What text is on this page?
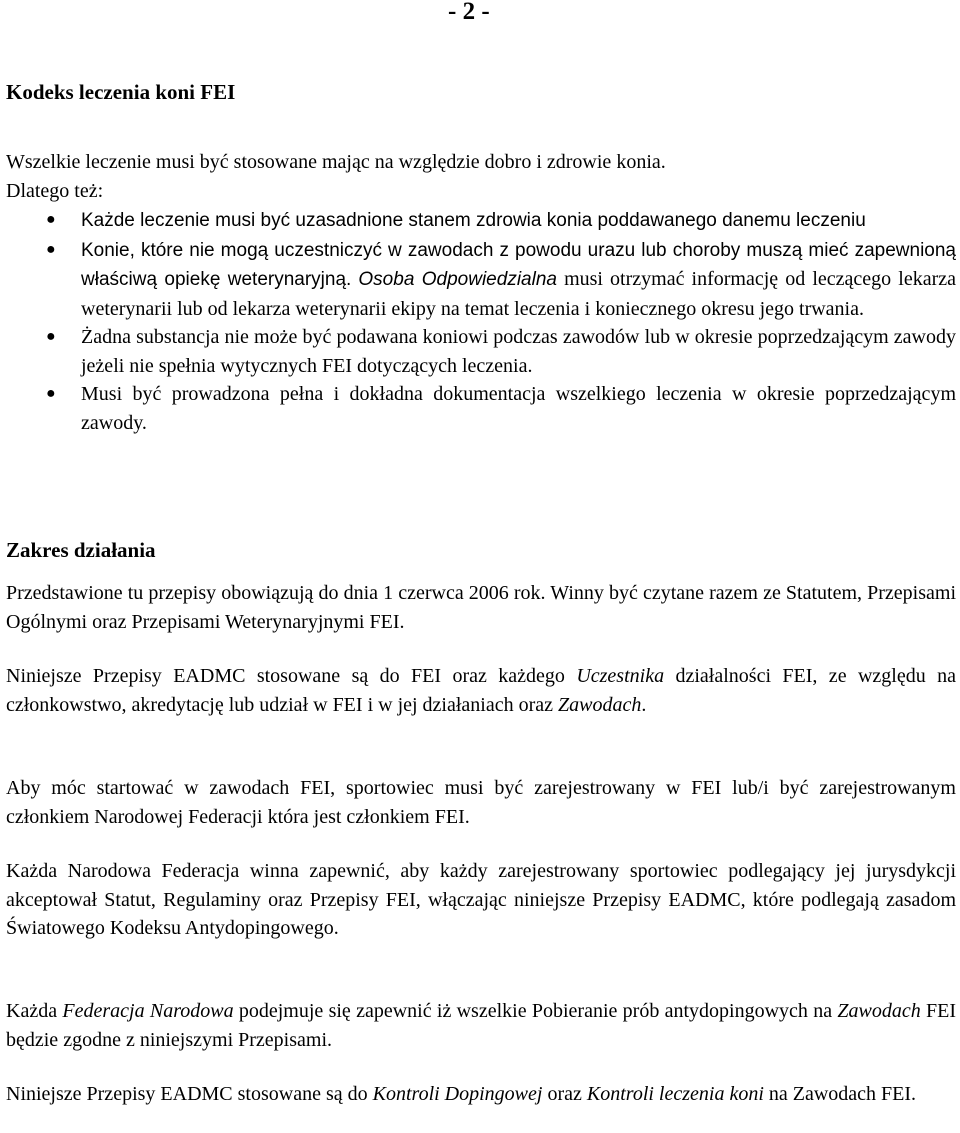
- 2 -
Kodeks leczenia koni FEI

Wszelkie leczenie musi być stosowane mając na względzie dobro i zdrowie konia.
Dlatego też:

● Każde leczenie musi być uzasadnione stanem zdrowia konia poddawanego danemu leczeniu
● Konie, które nie mogą uczestniczyć w zawodach z powodu urazu lub choroby muszą mieć zapewnioną właściwą opiekę weterynaryjną. Osoba Odpowiedzialna musi otrzymać informację od leczącego lekarza weterynarii lub od lekarza weterynarii ekipy na temat leczenia i koniecznego okresu jego trwania.
● Żadna substancja nie może być podawana koniowi podczas zawodów lub w okresie poprzedzającym zawody jeżeli nie spełnia wytycznych FEI dotyczących leczenia.
● Musi być prowadzona pełna i dokładna dokumentacja wszelkiego leczenia w okresie poprzedzającym zawody.
Zakres działania

Przedstawione tu przepisy obowiązują do dnia 1 czerwca 2006 rok. Winny być czytane razem ze Statutem, Przepisami Ogólnymi oraz Przepisami Weterynaryjnymi FEI.

Niniejsze Przepisy EADMC stosowane są do FEI oraz każdego Uczestnika działalności FEI, ze względu na członkowstwo, akredytację lub udział w FEI i w jej działaniach oraz Zawodach.

Aby móc startować w zawodach FEI, sportowiec musi być zarejestrowany w FEI lub/i być zarejestrowanym członkiem Narodowej Federacji która jest członkiem FEI.

Każda Narodowa Federacja winna zapewnić, aby każdy zarejestrowany sportowiec podlegający jej jurysdykcji akceptował Statut, Regulaminy oraz Przepisy FEI, włączając niniejsze Przepisy EADMC, które podlegają zasadom Światowego Kodeksu Antydopingowego.

Każda Federacja Narodowa podejmuje się zapewnić iż wszelkie Pobieranie prób antydopingowych na Zawodach FEI będzie zgodne z niniejszymi Przepisami.

Niniejsze Przepisy EADMC stosowane są do Kontroli Dopingowej oraz Kontroli leczenia koni na Zawodach FEI.
